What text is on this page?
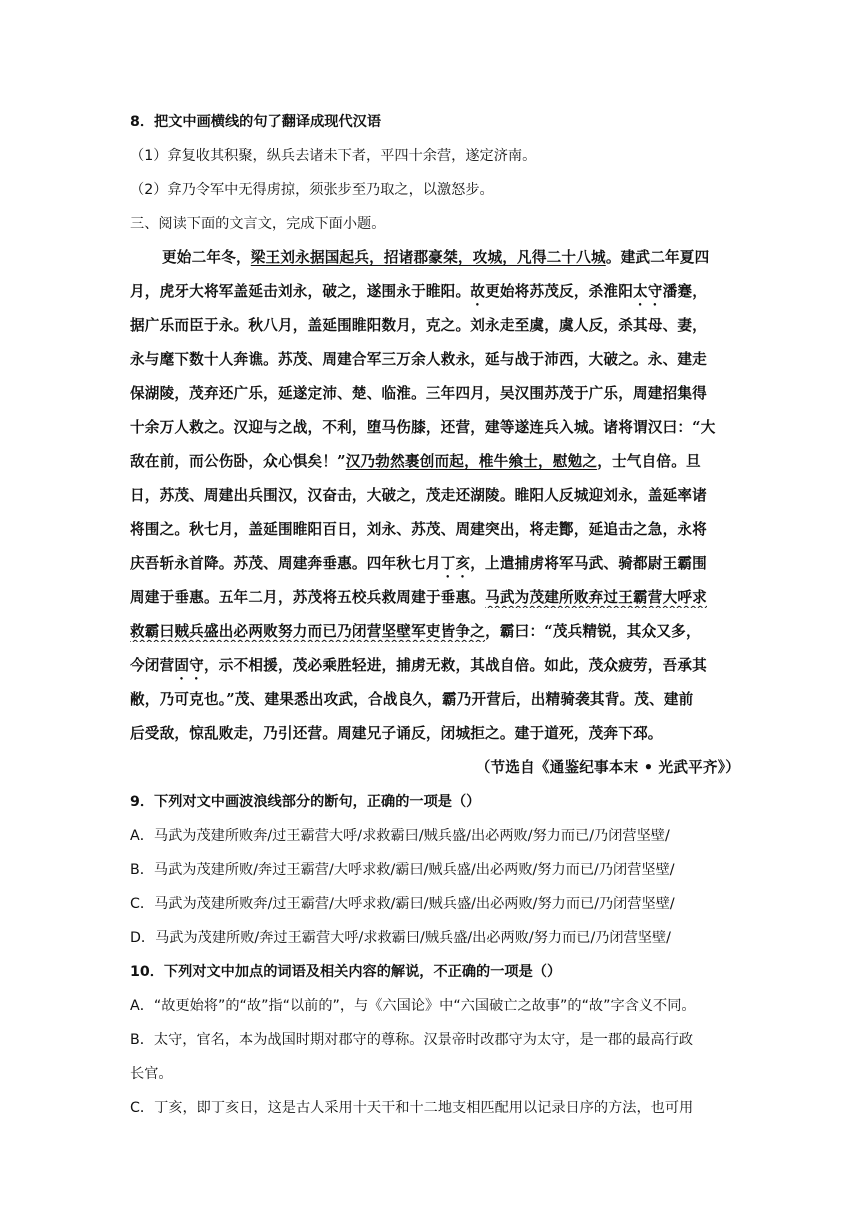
8．把文中画横线的句了翻译成现代汉语
（1）弇复收其积聚，纵兵去诸未下者，平四十余营，遂定济南。
（2）弇乃令军中无得虏掠，须张步至乃取之，以激怒步。
三、阅读下面的文言文，完成下面小题。
更始二年冬，梁王刘永据国起兵，招诸郡豪桀，攻城，凡得二十八城。建武二年夏四
月，虎牙大将军盖延击刘永，破之，遂围永于睢阳。故更始将苏茂反，杀淮阳太守潘蹇，
据广乐而臣于永。秋八月，盖延围睢阳数月，克之。刘永走至虞，虞人反，杀其母、妻，
永与麾下数十人奔谯。苏茂、周建合军三万余人救永，延与战于沛西，大破之。永、建走
保湖陵，茂弃还广乐，延遂定沛、楚、临淮。三年四月，吴汉围苏茂于广乐，周建招集得
十余万人救之。汉迎与之战，不利，堕马伤膝，还营，建等遂连兵入城。诸将谓汉曰：“大
敌在前，而公伤卧，众心惧矣！”汉乃勃然裹创而起，椎牛飨士，慰勉之，士气自倍。旦
日，苏茂、周建出兵围汉，汉奋击，大破之，茂走还湖陵。睢阳人反城迎刘永，盖延率诸
将围之。秋七月，盖延围睢阳百日，刘永、苏茂、周建突出，将走酇，延追击之急，永将
庆吾斩永首降。苏茂、周建奔垂惠。四年秋七月丁亥，上遣捕虏将军马武、骑都尉王霸围
周建于垂惠。五年二月，苏茂将五校兵救周建于垂惠。马武为茂建所败弃过王霸营大呼求
救霸曰贼兵盛出必两败努力而已乃闭营坚壁军吏皆争之，霸曰：“茂兵精锐，其众又多，
今闭营固守，示不相援，茂必乘胜轻进，捕虏无救，其战自倍。如此，茂众疲劳，吾承其
敝，乃可克也。”茂、建果悉出攻武，合战良久，霸乃开营后，出精骑袭其背。茂、建前
后受敌，惊乱败走，乃引还营。周建兄子诵反，闭城拒之。建于道死，茂奔下邳。
（节选自《通鉴纪事本末 • 光武平齐》）
9．下列对文中画波浪线部分的断句，正确的一项是（）
A．马武为茂建所败奔/过王霸营大呼/求救霸曰/贼兵盛/出必两败/努力而已/乃闭营坚壁/
B．马武为茂建所败/奔过王霸营/大呼求救/霸曰/贼兵盛/出必两败/努力而已/乃闭营坚壁/
C．马武为茂建所败奔/过王霸营/大呼求救/霸曰/贼兵盛/出必两败/努力而已/乃闭营坚壁/
D．马武为茂建所败/奔过王霸营大呼/求救霸曰/贼兵盛/出必两败/努力而已/乃闭营坚壁/
10．下列对文中加点的词语及相关内容的解说，不正确的一项是（）
A．“故更始将”的“故”指“以前的”，与《六国论》中“六国破亡之故事”的“故”字含义不同。
B．太守，官名，本为战国时期对郡守的尊称。汉景帝时改郡守为太守，是一郡的最高行政
长官。
C．丁亥，即丁亥日，这是古人采用十天干和十二地支相匹配用以记录日序的方法，也可用
